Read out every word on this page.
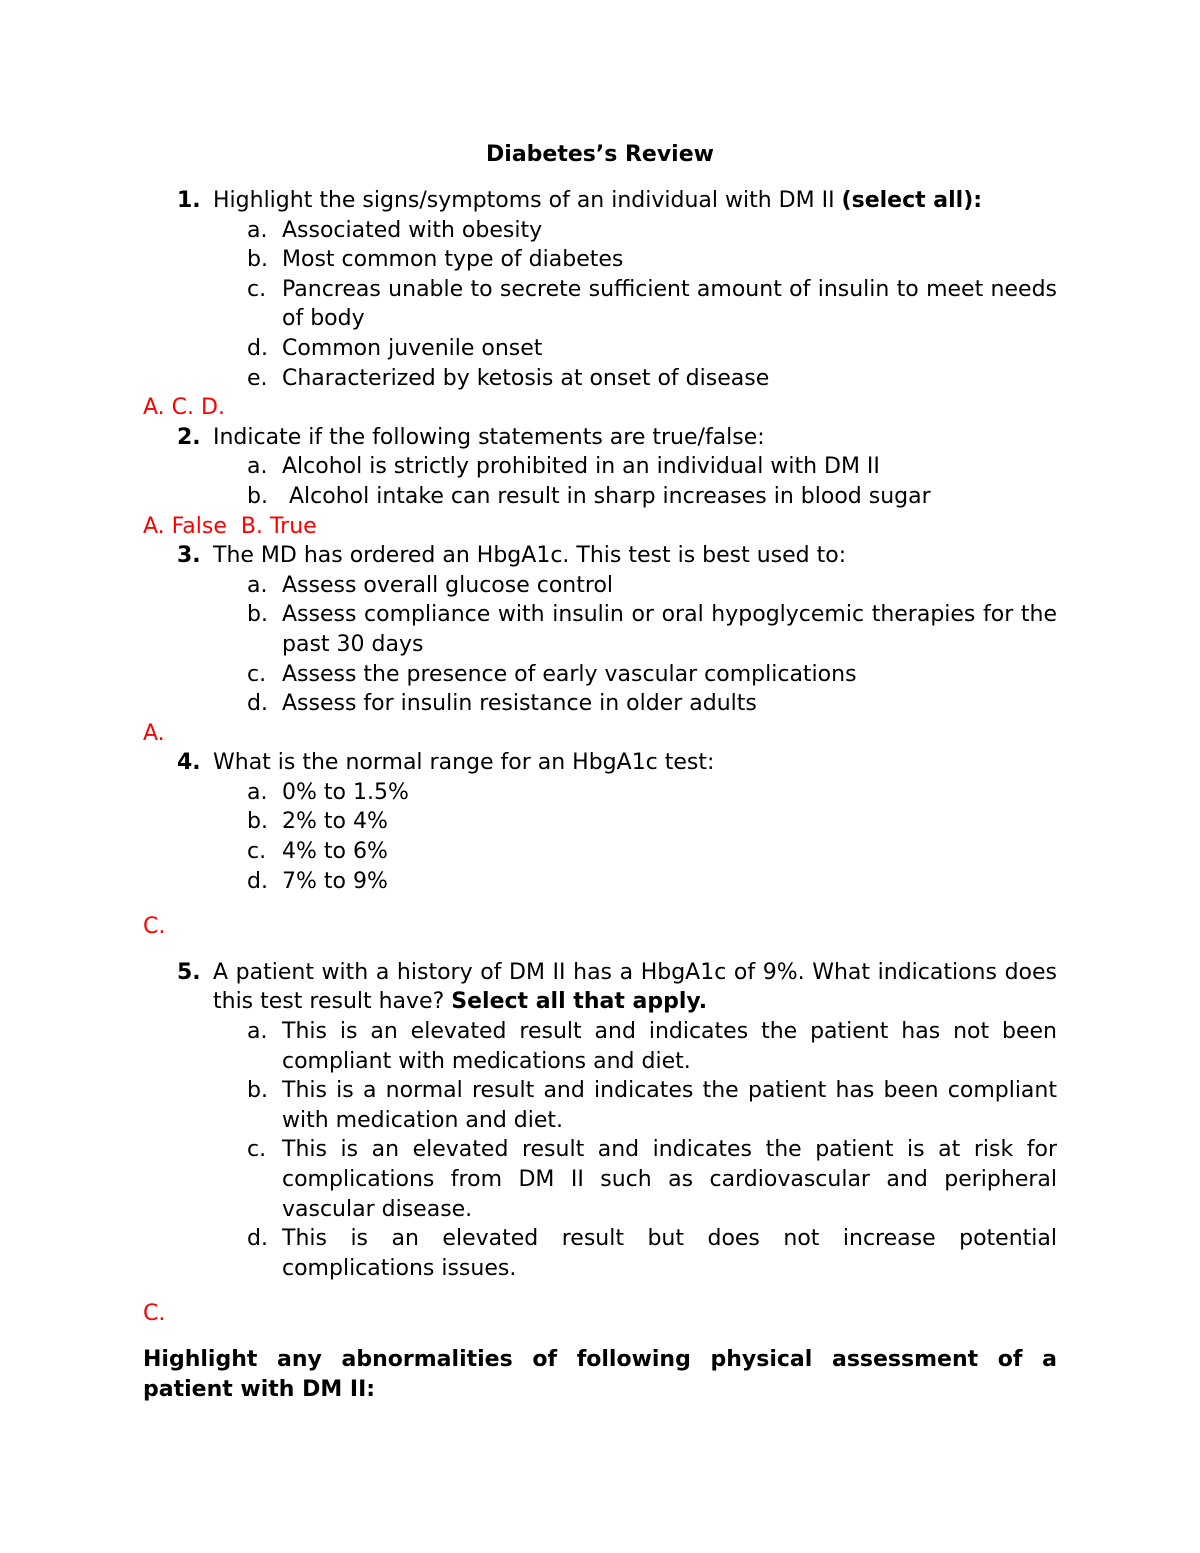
Diabetes’s Review
1. Highlight the signs/symptoms of an individual with DM II (select all):
a. Associated with obesity
b. Most common type of diabetes
c. Pancreas unable to secrete sufficient amount of insulin to meet needs of body
d. Common juvenile onset
e. Characterized by ketosis at onset of disease
A. C. D.
2. Indicate if the following statements are true/false:
a. Alcohol is strictly prohibited in an individual with DM II
b. Alcohol intake can result in sharp increases in blood sugar
A. False  B. True
3. The MD has ordered an HbgA1c. This test is best used to:
a. Assess overall glucose control
b. Assess compliance with insulin or oral hypoglycemic therapies for the past 30 days
c. Assess the presence of early vascular complications
d. Assess for insulin resistance in older adults
A.
4. What is the normal range for an HbgA1c test:
a. 0% to 1.5%
b. 2% to 4%
c. 4% to 6%
d. 7% to 9%
C.
5. A patient with a history of DM II has a HbgA1c of 9%. What indications does this test result have? Select all that apply.
a. This is an elevated result and indicates the patient has not been compliant with medications and diet.
b. This is a normal result and indicates the patient has been compliant with medication and diet.
c. This is an elevated result and indicates the patient is at risk for complications from DM II such as cardiovascular and peripheral vascular disease.
d. This is an elevated result but does not increase potential complications issues.
C.
Highlight any abnormalities of following physical assessment of a patient with DM II:
